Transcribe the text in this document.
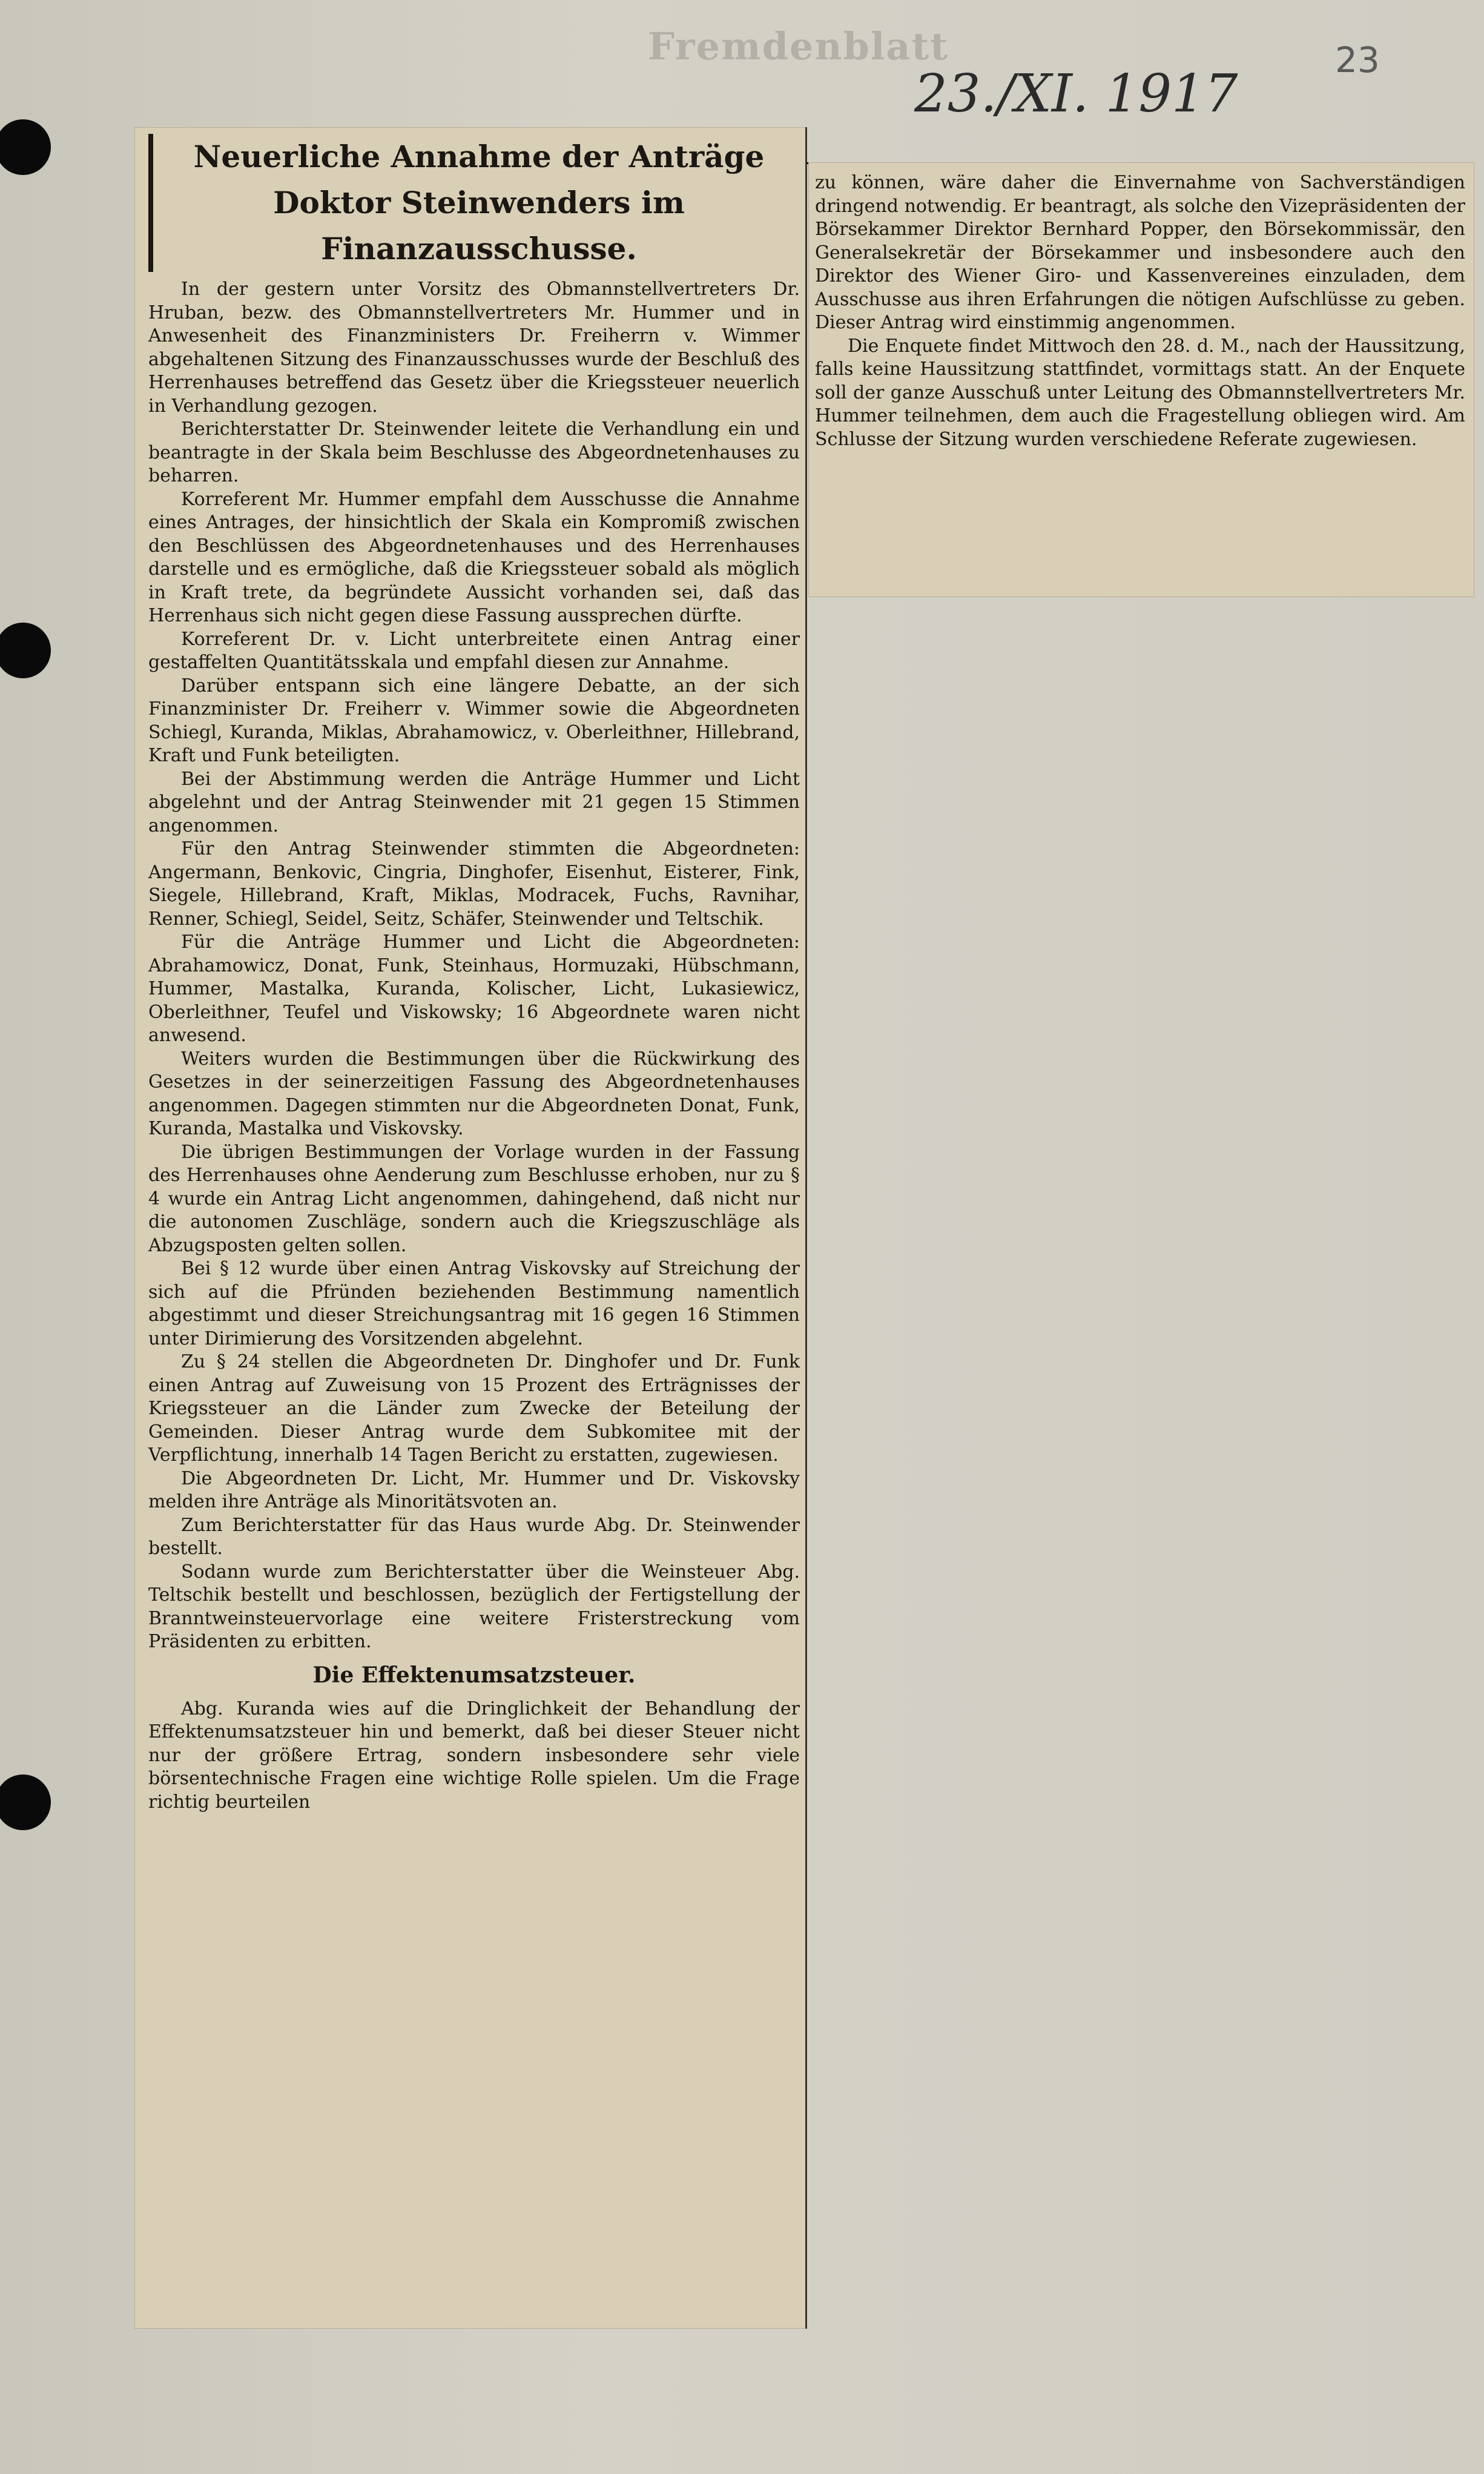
Fremdenblatt
23./XI. 1917
23
Neuerliche Annahme der Anträge Doktor Steinwenders im Finanzausschusse.

In der gestern unter Vorsitz des Obmannstellvertreters Dr. Hruban, bezw. des Obmannstellvertreters Mr. Hummer und in Anwesenheit des Finanzministers Dr. Freiherrn v. Wimmer abgehaltenen Sitzung des Finanzausschusses wurde der Beschluß des Herrenhauses betreffend das Gesetz über die Kriegssteuer neuerlich in Verhandlung gezogen.

Berichterstatter Dr. Steinwender leitete die Verhandlung ein und beantragte in der Skala beim Beschlusse des Abgeordnetenhauses zu beharren.

Korreferent Mr. Hummer empfahl dem Ausschusse die Annahme eines Antrages, der hinsichtlich der Skala ein Kompromiß zwischen den Beschlüssen des Abgeordnetenhauses und des Herrenhauses darstelle und es ermögliche, daß die Kriegssteuer sobald als möglich in Kraft trete, da begründete Aussicht vorhanden sei, daß das Herrenhaus sich nicht gegen diese Fassung aussprechen dürfte.

Korreferent Dr. v. Licht unterbreitete einen Antrag einer gestaffelten Quantitätsskala und empfahl diesen zur Annahme.

Darüber entspann sich eine längere Debatte, an der sich Finanzminister Dr. Freiherr v. Wimmer sowie die Abgeordneten Schiegl, Kuranda, Miklas, Abrahamowicz, v. Oberleithner, Hillebrand, Kraft und Funk beteiligten.

Bei der Abstimmung werden die Anträge Hummer und Licht abgelehnt und der Antrag Steinwender mit 21 gegen 15 Stimmen angenommen.

Für den Antrag Steinwender stimmten die Abgeordneten: Angermann, Benkovic, Cingria, Dinghofer, Eisenhut, Eisterer, Fink, Siegele, Hillebrand, Kraft, Miklas, Modracek, Fuchs, Ravnihar, Renner, Schiegl, Seidel, Seitz, Schäfer, Steinwender und Teltschik.

Für die Anträge Hummer und Licht die Abgeordneten: Abrahamowicz, Donat, Funk, Steinhaus, Hormuzaki, Hübschmann, Hummer, Mastalka, Kuranda, Kolischer, Licht, Lukasiewicz, Oberleithner, Teufel und Viskowsky; 16 Abgeordnete waren nicht anwesend.

Weiters wurden die Bestimmungen über die Rückwirkung des Gesetzes in der seinerzeitigen Fassung des Abgeordnetenhauses angenommen. Dagegen stimmten nur die Abgeordneten Donat, Funk, Kuranda, Mastalka und Viskovsky.

Die übrigen Bestimmungen der Vorlage wurden in der Fassung des Herrenhauses ohne Aenderung zum Beschlusse erhoben, nur zu § 4 wurde ein Antrag Licht angenommen, dahingehend, daß nicht nur die autonomen Zuschläge, sondern auch die Kriegszuschläge als Abzugsposten gelten sollen.

Bei § 12 wurde über einen Antrag Viskovsky auf Streichung der sich auf die Pfründen beziehenden Bestimmung namentlich abgestimmt und dieser Streichungsantrag mit 16 gegen 16 Stimmen unter Dirimierung des Vorsitzenden abgelehnt.

Zu § 24 stellen die Abgeordneten Dr. Dinghofer und Dr. Funk einen Antrag auf Zuweisung von 15 Prozent des Erträgnisses der Kriegssteuer an die Länder zum Zwecke der Beteilung der Gemeinden. Dieser Antrag wurde dem Subkomitee mit der Verpflichtung, innerhalb 14 Tagen Bericht zu erstatten, zugewiesen.

Die Abgeordneten Dr. Licht, Mr. Hummer und Dr. Viskovsky melden ihre Anträge als Minoritätsvoten an.

Zum Berichterstatter für das Haus wurde Abg. Dr. Steinwender bestellt.

Sodann wurde zum Berichterstatter über die Weinsteuer Abg. Teltschik bestellt und beschlossen, bezüglich der Fertigstellung der Branntweinsteuervorlage eine weitere Fristerstreckung vom Präsidenten zu erbitten.

Die Effektenumsatzsteuer.

Abg. Kuranda wies auf die Dringlichkeit der Behandlung der Effektenumsatzsteuer hin und bemerkt, daß bei dieser Steuer nicht nur der größere Ertrag, sondern insbesondere sehr viele börsentechnische Fragen eine wichtige Rolle spielen. Um die Frage richtig beurteilen

zu können, wäre daher die Einvernahme von Sachverständigen dringend notwendig. Er beantragt, als solche den Vizepräsidenten der Börsekammer Direktor Bernhard Popper, den Börsekommissär, den Generalsekretär der Börsekammer und insbesondere auch den Direktor des Wiener Giro- und Kassenvereines einzuladen, dem Ausschusse aus ihren Erfahrungen die nötigen Aufschlüsse zu geben. Dieser Antrag wird einstimmig angenommen.

Die Enquete findet Mittwoch den 28. d. M., nach der Haussitzung, falls keine Haussitzung stattfindet, vormittags statt. An der Enquete soll der ganze Ausschuß unter Leitung des Obmannstellvertreters Mr. Hummer teilnehmen, dem auch die Fragestellung obliegen wird. Am Schlusse der Sitzung wurden verschiedene Referate zugewiesen.
